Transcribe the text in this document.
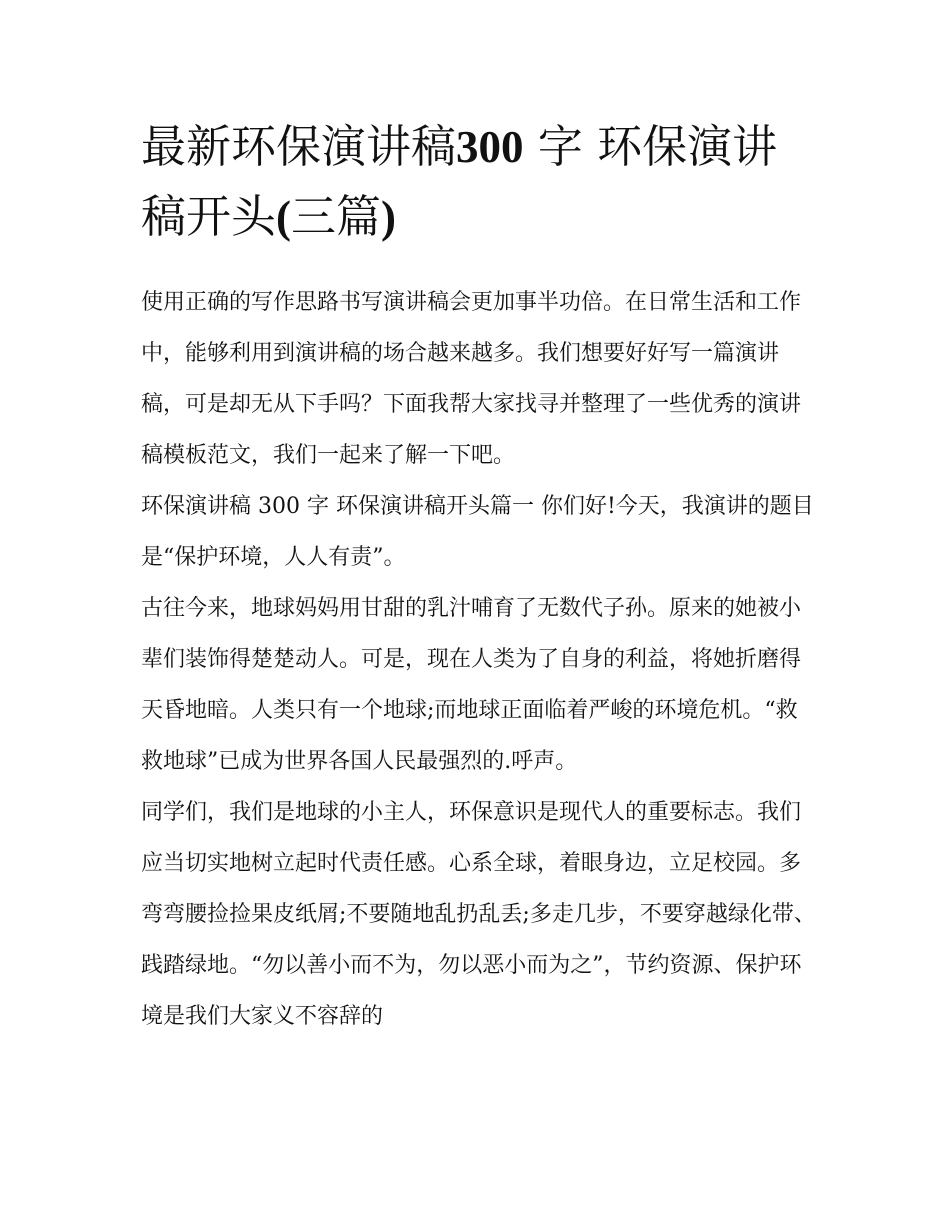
最新环保演讲稿300 字 环保演讲稿开头(三篇)

使用正确的写作思路书写演讲稿会更加事半功倍。在日常生活和工作中，能够利用到演讲稿的场合越来越多。我们想要好好写一篇演讲稿，可是却无从下手吗？下面我帮大家找寻并整理了一些优秀的演讲稿模板范文，我们一起来了解一下吧。

环保演讲稿 300 字 环保演讲稿开头篇一 你们好!今天，我演讲的题目是“保护环境，人人有责”。

古往今来，地球妈妈用甘甜的乳汁哺育了无数代子孙。原来的她被小辈们装饰得楚楚动人。可是，现在人类为了自身的利益，将她折磨得天昏地暗。人类只有一个地球;而地球正面临着严峻的环境危机。“救救地球”已成为世界各国人民最强烈的.呼声。

同学们，我们是地球的小主人，环保意识是现代人的重要标志。我们应当切实地树立起时代责任感。心系全球，着眼身边，立足校园。多弯弯腰捡捡果皮纸屑;不要随地乱扔乱丢;多走几步，不要穿越绿化带、践踏绿地。“勿以善小而不为，勿以恶小而为之”，节约资源、保护环境是我们大家义不容辞的
